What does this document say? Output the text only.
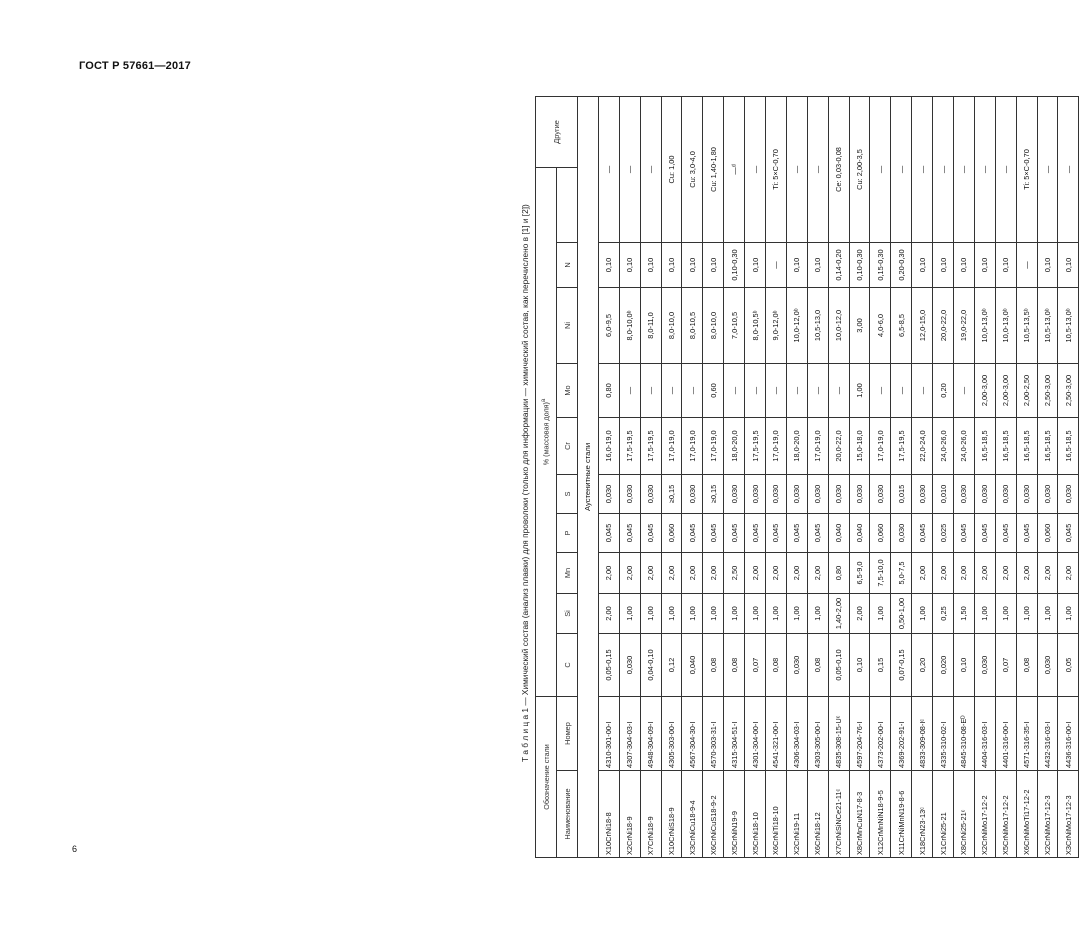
ГОСТ Р 57661—2017
Т а б л и ц а 1 — Химический состав (анализ плавки) для проволоки (только для информации — химический состав, как перечислено в [1] и [2])
Обозначение стали		% (массовая доля)$^a$										Другие
Наименование	Номер	C	Si	Mn	P	S	Cr	Mo	Ni	N		
Аустенитные стали												
X10CrNi18-8	4310-301-00-I	0,05-0,15	2,00	2,00	0,045	0,030	16,0-19,0	0,80	6,0-9,5	0,10	—	
X2CrNi18-9	4307-304-03-I	0,030	1,00	2,00	0,045	0,030	17,5-19,5	—	8,0-10,0ᵇ	0,10	—	
X7CrNi18-9	4948-304-09-I	0,04-0,10	1,00	2,00	0,045	0,030	17,5-19,5	—	8,0-11,0	0,10	—	
X10CrNiS18-9	4305-303-00-I	0,12	1,00	2,00	0,060	≥0,15	17,0-19,0	—	8,0-10,0	0,10	Cu: 1,00	
X3CrNiCu18-9-4	4567-304-30-I	0,040	1,00	2,00	0,045	0,030	17,0-19,0	—	8,0-10,5	0,10	Cu: 3,0-4,0	
X6CrNiCuS18-9-2	4570-303-31-I	0,08	1,00	2,00	0,045	≥0,15	17,0-19,0	0,60	8,0-10,0	0,10	Cu: 1,40-1,80	
X5CrNiN19-9	4315-304-51-I	0,08	1,00	2,50	0,045	0,030	18,0-20,0	—	7,0-10,5	0,10-0,30	—ᵈ	
X5CrNi18-10	4301-304-00-I	0,07	1,00	2,00	0,045	0,030	17,5-19,5	—	8,0-10,5ᵇ	0,10	—	
X6CrNiTi18-10	4541-321-00-I	0,08	1,00	2,00	0,045	0,030	17,0-19,0	—	9,0-12,0ᵇ	—	Ti: 5×C-0,70	
X2CrNi19-11	4306-304-03-I	0,030	1,00	2,00	0,045	0,030	18,0-20,0	—	10,0-12,0ᵇ	0,10	—	
X6CrNi18-12	4303-305-00-I	0,08	1,00	2,00	0,045	0,030	17,0-19,0	—	10,5-13,0	0,10	—	
X7CrNiSiNCe21-11ᶜ	4835-308-15-Uᶜ	0,05-0,10	1,40-2,00	0,80	0,040	0,030	20,0-22,0	—	10,0-12,0	0,14-0,20	Ce: 0,03-0,08	
X8CrMnCuN17-8-3	4597-204-76-I	0,10	2,00	6,5-9,0	0,040	0,030	15,0-18,0	1,00	3,00	0,10-0,30	Cu: 2,00-3,5	
X12CrMnNiN18-9-5	4373-202-00-I	0,15	1,00	7,5-10,0	0,060	0,030	17,0-19,0	—	4,0-6,0	0,15-0,30	—	
X11CrNiMnN19-8-6	4369-202-91-I	0,07-0,15	0,50-1,00	5,0-7,5	0,030	0,015	17,5-19,5	—	6,5-8,5	0,20-0,30	—	
X18CrN23-13ᶜ	4833-309-08-Iᶜ	0,20	1,00	2,00	0,045	0,030	22,0-24,0	—	12,0-15,0	0,10	—	
X1CrNi25-21	4335-310-02-I	0,020	0,25	2,00	0,025	0,010	24,0-26,0	0,20	20,0-22,0	0,10	—	
X8CrNi25-21ᶜ	4845-310-08-Eᴰ	0,10	1,50	2,00	0,045	0,030	24,0-26,0	—	19,0-22,0	0,10	—	
X2CrNiMo17-12-2	4404-316-03-I	0,030	1,00	2,00	0,045	0,030	16,5-18,5	2,00-3,00	10,0-13,0ᵇ	0,10	—	
X5CrNiMo17-12-2	4401-316-00-I	0,07	1,00	2,00	0,045	0,030	16,5-18,5	2,00-3,00	10,0-13,0ᵇ	0,10	—	
X6CrNiMoTi17-12-2	4571-316-35-I	0,08	1,00	2,00	0,045	0,030	16,5-18,5	2,00-2,50	10,5-13,5ᵇ	—	Ti: 5×C-0,70	
X2CrNiMo17-12-3	4432-316-03-I	0,030	1,00	2,00	0,060	0,030	16,5-18,5	2,50-3,00	10,5-13,0ᵇ	0,10	—	
X3CrNiMo17-12-3	4436-316-00-I	0,05	1,00	2,00	0,045	0,030	16,5-18,5	2,50-3,00	10,5-13,0ᵇ	0,10	—	
6
